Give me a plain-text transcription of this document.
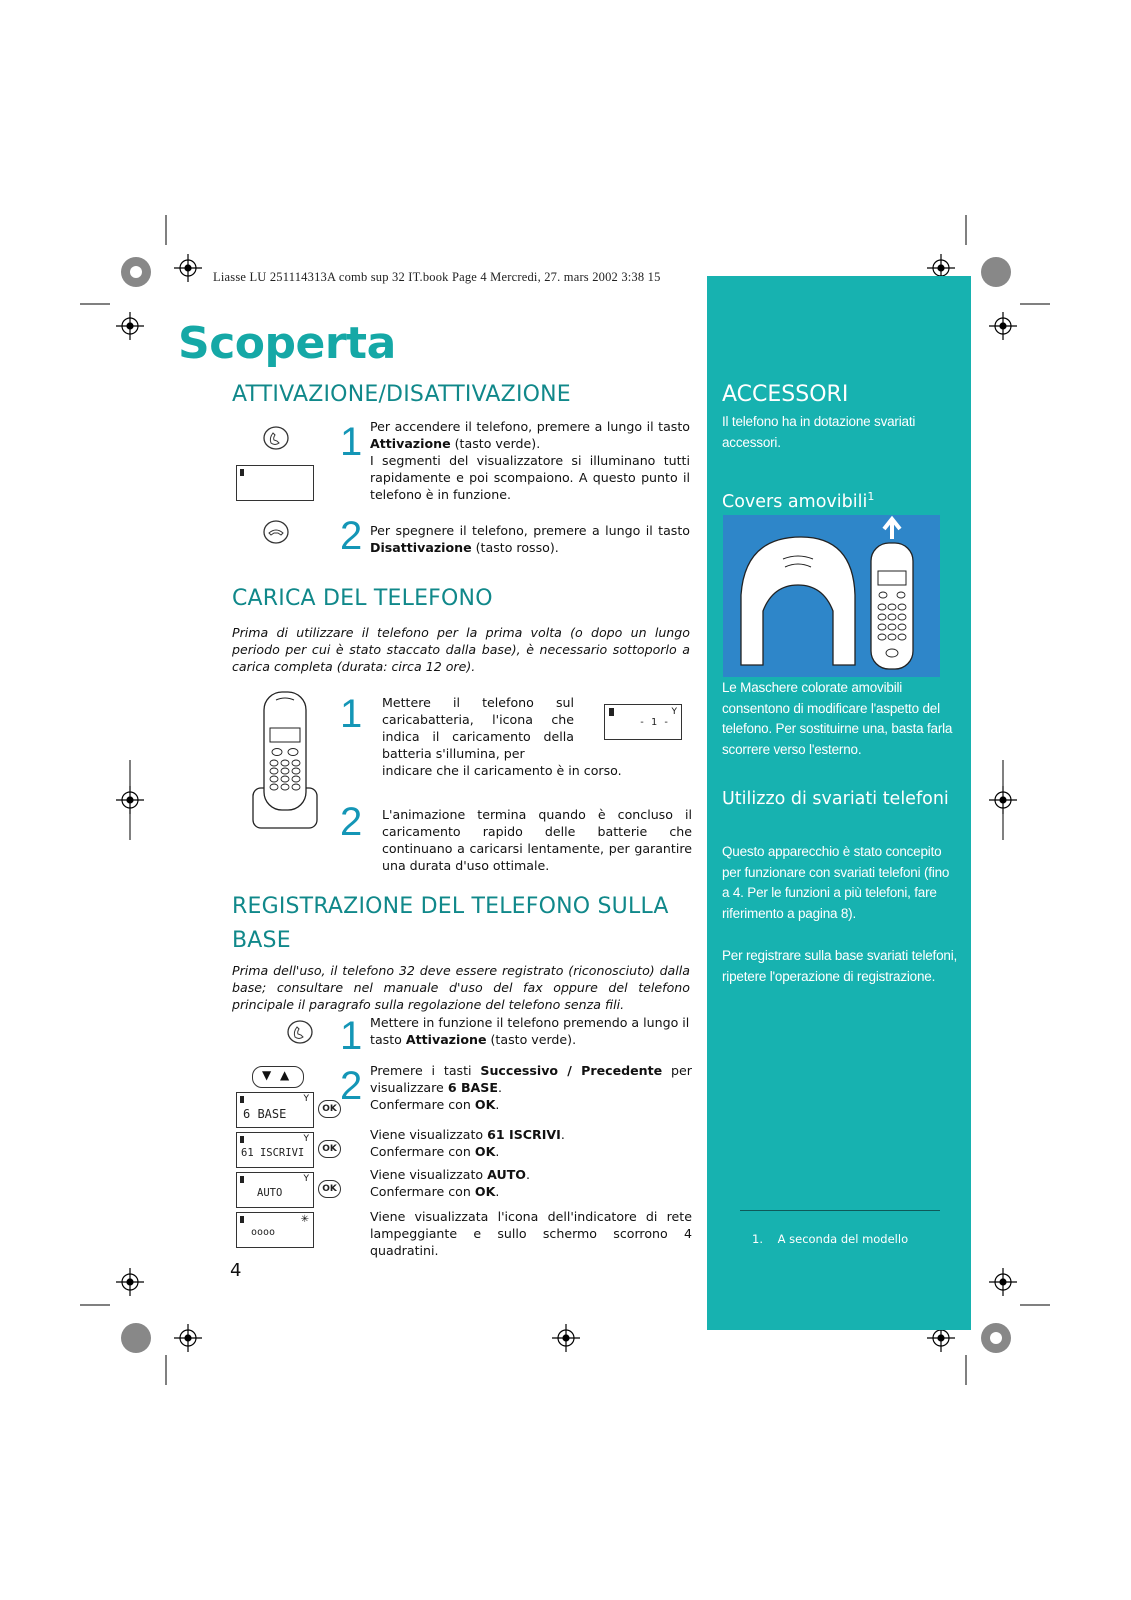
Liasse LU 251114313A comb sup 32 IT.book Page 4 Mercredi, 27. mars 2002 3:38 15
Scoperta
ATTIVAZIONE/DISATTIVAZIONE
1 Per accendere il telefono, premere a lungo il tasto Attivazione (tasto verde).
I segmenti del visualizzatore si illuminano tutti rapidamente e poi scompaiono. A questo punto il telefono è in funzione.
2 Per spegnere il telefono, premere a lungo il tasto Disattivazione (tasto rosso).
CARICA DEL TELEFONO
Prima di utilizzare il telefono per la prima volta (o dopo un lungo periodo per cui è stato staccato dalla base), è necessario sottoporlo a carica completa (durata: circa 12 ore).
1 Mettere il telefono sul caricabatteria, l'icona che indica il caricamento della batteria s'illumina, per
indicare che il caricamento è in corso.
Y
- 1 -
2 L'animazione termina quando è concluso il caricamento rapido delle batterie che continuano a caricarsi lentamente, per garantire una durata d'uso ottimale.
REGISTRAZIONE DEL TELEFONO SULLA BASE
Prima dell'uso, il telefono 32 deve essere registrato (riconosciuto) dalla base; consultare nel manuale d'uso del fax oppure del telefono principale il paragrafo sulla regolazione del telefono senza fili.
1 Mettere in funzione il telefono premendo a lungo il tasto Attivazione (tasto verde).
▼ ▲ 2 Premere i tasti Successivo / Precedente per visualizzare 6 BASE.
Confermare con OK.
Y
6 BASE	OK
Viene visualizzato 61 ISCRIVI.
Confermare con OK.
Y
61 ISCRIVI	OK
Viene visualizzato AUTO.
Confermare con OK.
Y
AUTO	OK
✳
oooo
Viene visualizzata l'icona dell'indicatore di rete lampeggiante e sullo schermo scorrono 4 quadratini.
4
ACCESSORI
Il telefono ha in dotazione svariati accessori.
Covers amovibili$^1$
Le Maschere colorate amovibili consentono di modificare l'aspetto del telefono. Per sostituirne una, basta farla scorrere verso l'esterno.
Utilizzo di svariati telefoni
Questo apparecchio è stato concepito per funzionare con svariati telefoni (fino a 4. Per le funzioni a più telefoni, fare riferimento a pagina 8).
Per registrare sulla base svariati telefoni, ripetere l'operazione di registrazione.
1. A seconda del modello
